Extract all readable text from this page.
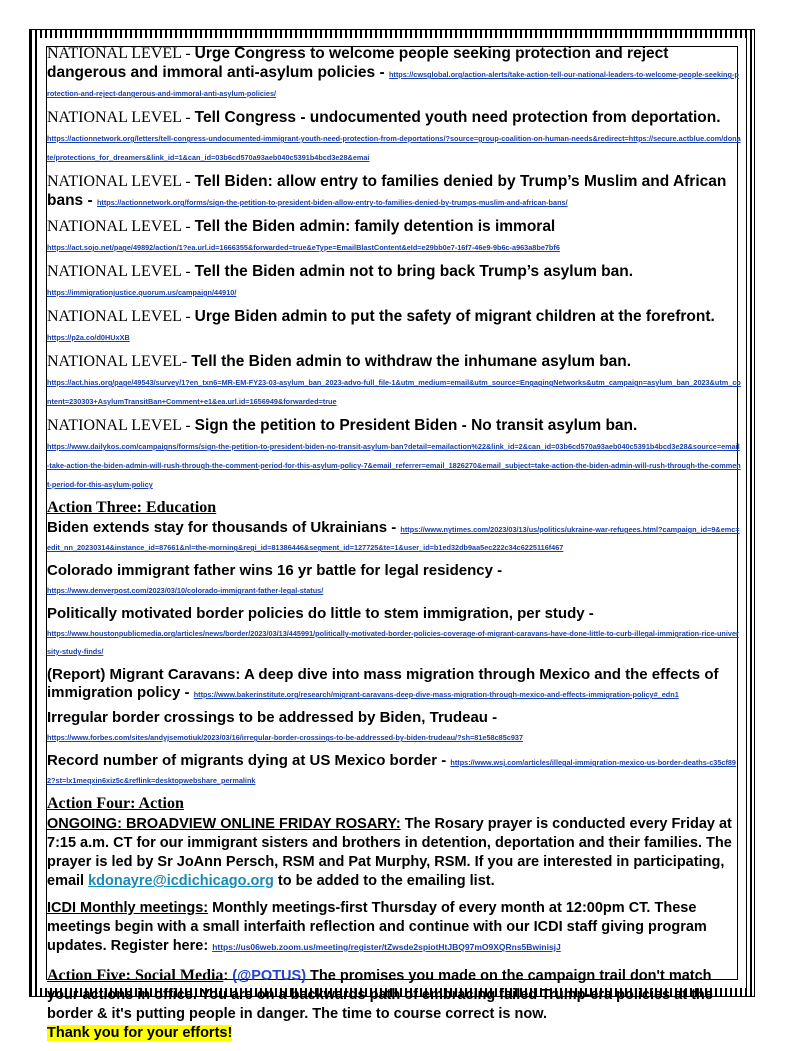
NATIONAL LEVEL - Urge Congress to welcome people seeking protection and reject dangerous and immoral anti-asylum policies - https://cwsglobal.org/action-alerts/take-action-tell-our-national-leaders-to-welcome-people-seeking-protection-and-reject-dangerous-and-immoral-anti-asylum-policies/
NATIONAL LEVEL - Tell Congress - undocumented youth need protection from deportation.
https://actionnetwork.org/letters/tell-congress-undocumented-immigrant-youth-need-protection-from-deportations/?source=group-coalition-on-human-needs&redirect=https://secure.actblue.com/donate/protections_for_dreamers&link_id=1&can_id=03b6cd570a93aeb040c5391b4bcd3e28&emai
NATIONAL LEVEL - Tell Biden: allow entry to families denied by Trump’s Muslim and African bans - https://actionnetwork.org/forms/sign-the-petition-to-president-biden-allow-entry-to-families-denied-by-trumps-muslim-and-african-bans/
NATIONAL LEVEL - Tell the Biden admin: family detention is immoral
https://act.sojo.net/page/49892/action/1?ea.url.id=1666355&forwarded=true&eType=EmailBlastContent&eId=e29bb0e7-16f7-46e9-9b6c-a963a8be7bf6
NATIONAL LEVEL - Tell the Biden admin not to bring back Trump’s asylum ban.
https://immigrationjustice.quorum.us/campaign/44910/
NATIONAL LEVEL - Urge Biden admin to put the safety of migrant children at the forefront.
https://p2a.co/d0HUxXB
NATIONAL LEVEL- Tell the Biden admin to withdraw the inhumane asylum ban.
https://act.hias.org/page/49543/survey/1?en_txn6=MR-EM-FY23-03-asylum_ban_2023-advo-full_file-1&utm_medium=email&utm_source=EngagingNetworks&utm_campaign=asylum_ban_2023&utm_content=230303+AsylumTransitBan+Comment+e1&ea.url.id=1656949&forwarded=true
NATIONAL LEVEL - Sign the petition to President Biden - No transit asylum ban.
https://www.dailykos.com/campaigns/forms/sign-the-petition-to-president-biden-no-transit-asylum-ban?detail=emailaction%22&link_id=2&can_id=03b6cd570a93aeb040c5391b4bcd3e28&source=email-take-action-the-biden-admin-will-rush-through-the-comment-period-for-this-asylum-policy-7&email_referrer=email_1826270&email_subject=take-action-the-biden-admin-will-rush-through-the-comment-period-for-this-asylum-policy
Action Three: Education
Biden extends stay for thousands of Ukrainians - https://www.nytimes.com/2023/03/13/us/politics/ukraine-war-refugees.html?campaign_id=9&emc=edit_nn_20230314&instance_id=87661&nl=the-morning&regi_id=81386446&segment_id=127725&te=1&user_id=b1ed32db9aa5ec222c34c6225116f467
Colorado immigrant father wins 16 yr battle for legal residency -
https://www.denverpost.com/2023/03/10/colorado-immigrant-father-legal-status/
Politically motivated border policies do little to stem immigration, per study -
https://www.houstonpublicmedia.org/articles/news/border/2023/03/13/445991/politically-motivated-border-policies-coverage-of-migrant-caravans-have-done-little-to-curb-illegal-immigration-rice-university-study-finds/
(Report) Migrant Caravans: A deep dive into mass migration through Mexico and the effects of immigration policy - https://www.bakerinstitute.org/research/migrant-caravans-deep-dive-mass-migration-through-mexico-and-effects-immigration-policy#_edn1
Irregular border crossings to be addressed by Biden, Trudeau -
https://www.forbes.com/sites/andyjsemotiuk/2023/03/16/irregular-border-crossings-to-be-addressed-by-biden-trudeau/?sh=81e58c85c937
Record number of migrants dying at US Mexico border - https://www.wsj.com/articles/illegal-immigration-mexico-us-border-deaths-c35cf892?st=lx1meqxin6xiz5c&reflink=desktopwebshare_permalink
Action Four: Action
ONGOING: BROADVIEW ONLINE FRIDAY ROSARY: The Rosary prayer is conducted every Friday at 7:15 a.m. CT for our immigrant sisters and brothers in detention, deportation and their families. The prayer is led by Sr JoAnn Persch, RSM and Pat Murphy, RSM. If you are interested in participating, email kdonayre@icdichicago.org to be added to the emailing list.
ICDI Monthly meetings: Monthly meetings-first Thursday of every month at 12:00pm CT. These meetings begin with a small interfaith reflection and continue with our ICDI staff giving program updates. Register here: https://us06web.zoom.us/meeting/register/tZwsde2spiotHtJBQ97mO9XQRns5BwinisjJ
Action Five: Social Media: (@POTUS) The promises you made on the campaign trail don't match your actions in office. You are on a backwards path of embracing failed Trump-era policies at the border & it's putting people in danger. The time to course correct is now.
Thank you for your efforts!
